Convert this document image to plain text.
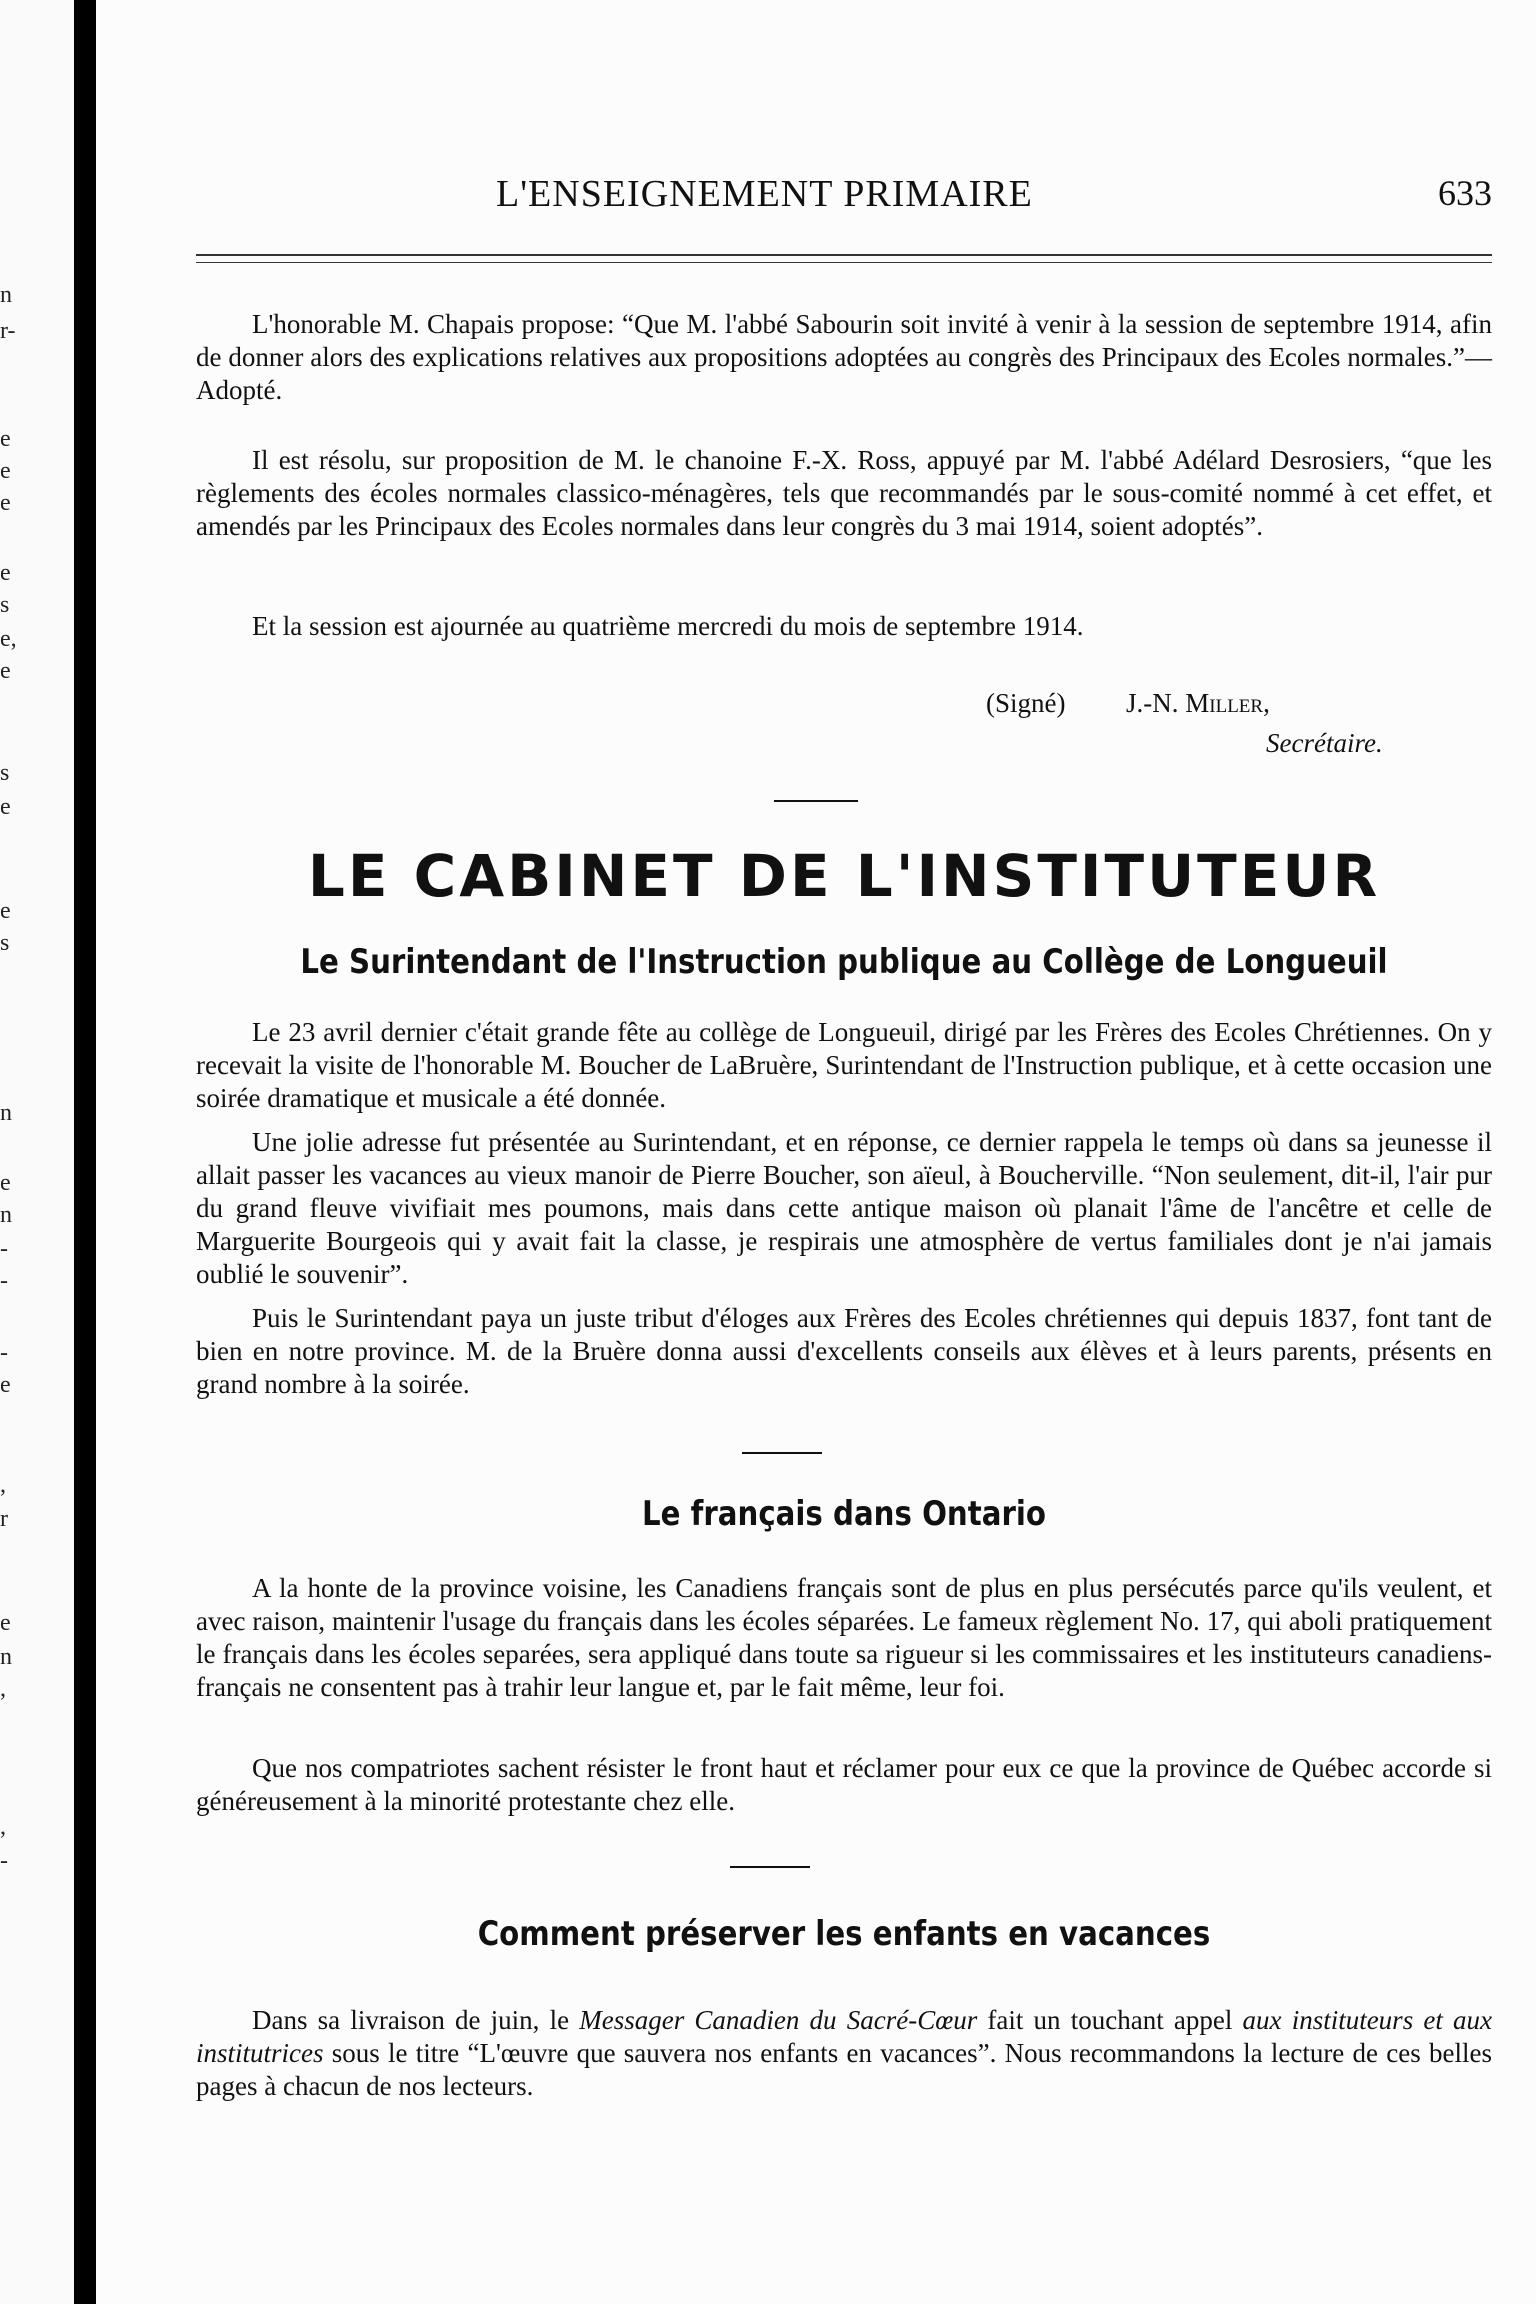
n
r-
e
e
e
e
s
e,
e
s
e
e
s
n
e
n
-
-
-
e
,
r
e
n
,
,
-
L'ENSEIGNEMENT PRIMAIRE	633

L'honorable M. Chapais propose: “Que M. l'abbé Sabourin soit invité à venir à la session de septembre 1914, afin de donner alors des explications relatives aux propositions adoptées au congrès des Principaux des Ecoles normales.”—Adopté.

Il est résolu, sur proposition de M. le chanoine F.-X. Ross, appuyé par M. l'abbé Adélard Desrosiers, “que les règlements des écoles normales classico-ménagères, tels que recommandés par le sous-comité nommé à cet effet, et amendés par les Principaux des Ecoles normales dans leur congrès du 3 mai 1914, soient adoptés”.

Et la session est ajournée au quatrième mercredi du mois de septembre 1914.

(Signé) J.-N. Miller,
Secrétaire.
LE CABINET DE L'INSTITUTEUR
Le Surintendant de l'Instruction publique au Collège de Longueuil

Le 23 avril dernier c'était grande fête au collège de Longueuil, dirigé par les Frères des Ecoles Chrétiennes. On y recevait la visite de l'honorable M. Boucher de LaBruère, Surintendant de l'Instruction publique, et à cette occasion une soirée dramatique et musicale a été donnée.

Une jolie adresse fut présentée au Surintendant, et en réponse, ce dernier rappela le temps où dans sa jeunesse il allait passer les vacances au vieux manoir de Pierre Boucher, son aïeul, à Boucherville. “Non seulement, dit-il, l'air pur du grand fleuve vivifiait mes poumons, mais dans cette antique maison où planait l'âme de l'ancêtre et celle de Marguerite Bourgeois qui y avait fait la classe, je respirais une atmosphère de vertus familiales dont je n'ai jamais oublié le souvenir”.

Puis le Surintendant paya un juste tribut d'éloges aux Frères des Ecoles chrétiennes qui depuis 1837, font tant de bien en notre province. M. de la Bruère donna aussi d'excellents conseils aux élèves et à leurs parents, présents en grand nombre à la soirée.

Le français dans Ontario

A la honte de la province voisine, les Canadiens français sont de plus en plus persécutés parce qu'ils veulent, et avec raison, maintenir l'usage du français dans les écoles séparées. Le fameux règlement No. 17, qui aboli pratiquement le français dans les écoles separées, sera appliqué dans toute sa rigueur si les commissaires et les instituteurs canadiens-français ne consentent pas à trahir leur langue et, par le fait même, leur foi.

Que nos compatriotes sachent résister le front haut et réclamer pour eux ce que la province de Québec accorde si généreusement à la minorité protestante chez elle.

Comment préserver les enfants en vacances

Dans sa livraison de juin, le Messager Canadien du Sacré-Cœur fait un touchant appel aux instituteurs et aux institutrices sous le titre “L'œuvre que sauvera nos enfants en vacances”. Nous recommandons la lecture de ces belles pages à chacun de nos lecteurs.
